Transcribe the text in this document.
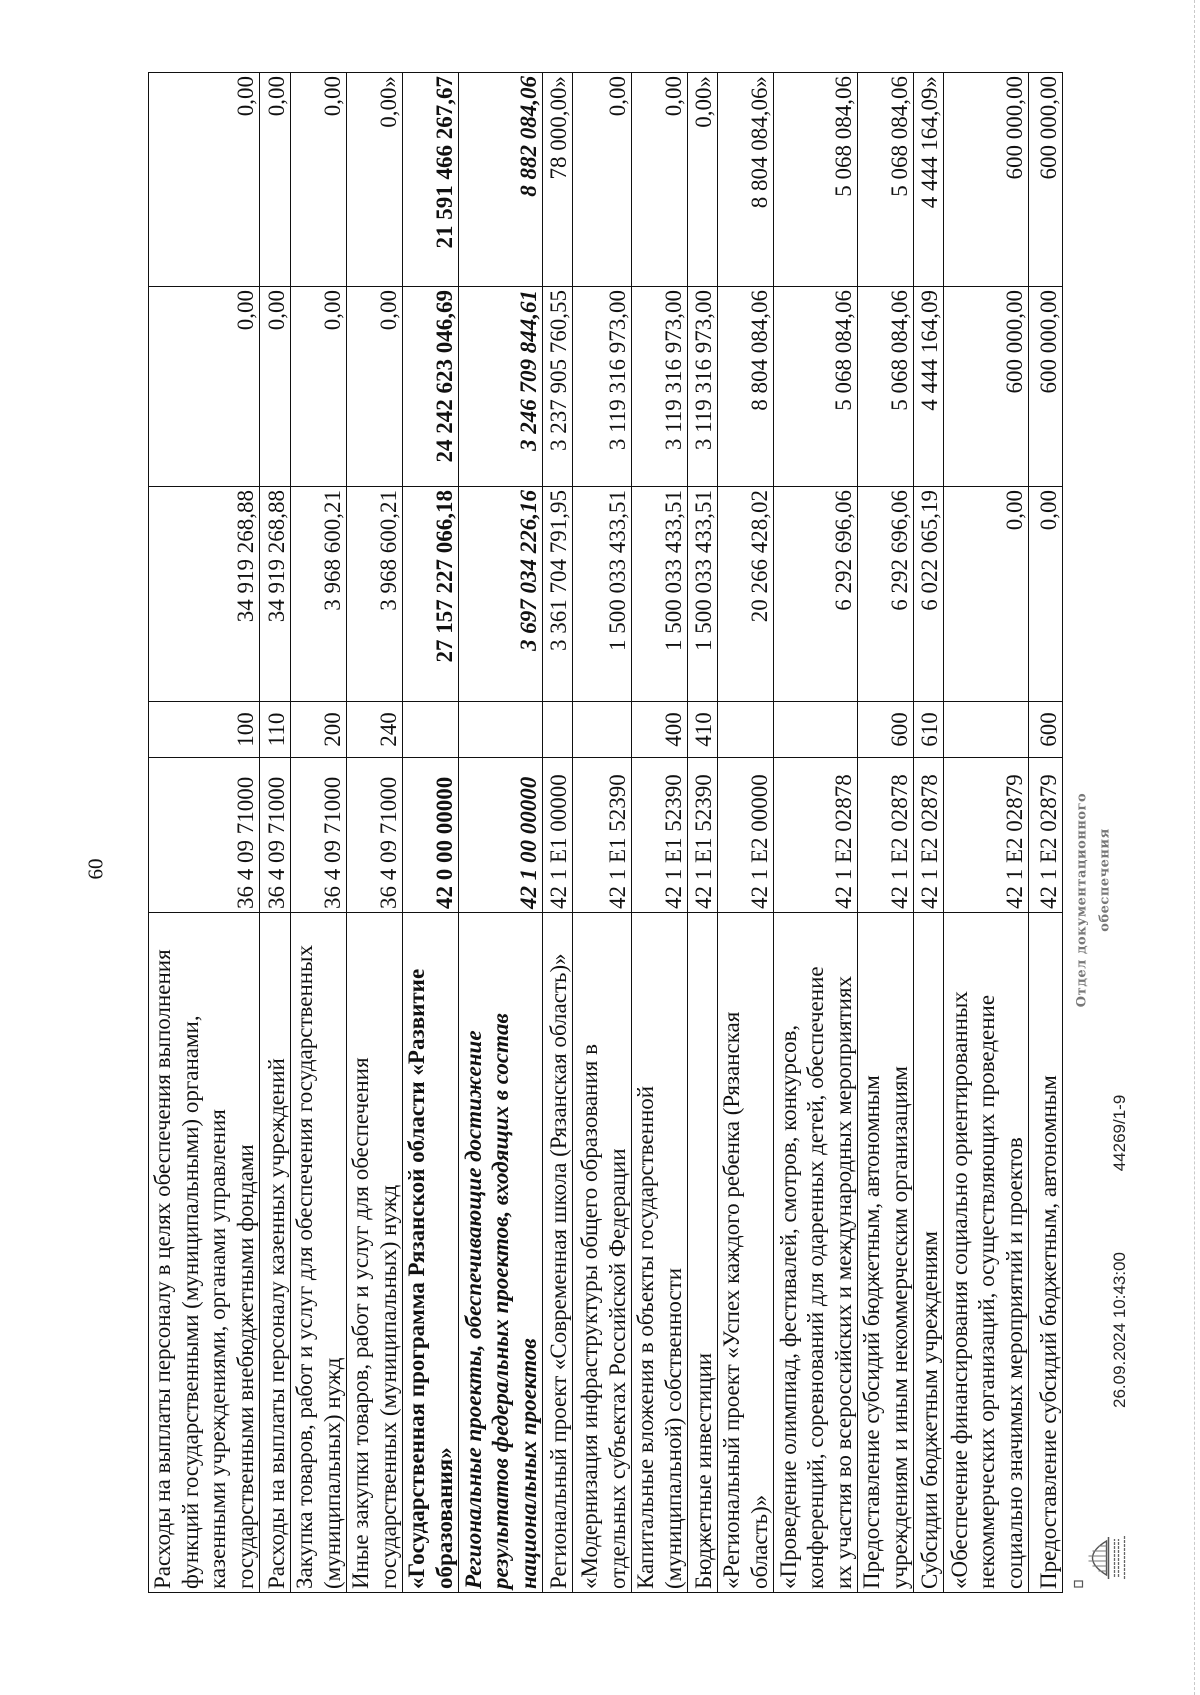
60
Расходы на выплаты персоналу в целях обеспечения выполнения
функций государственными (муниципальными) органами,
казенными учреждениями, органами управления
государственными внебюджетными фондами	36 4 09 71000	100	34 919 268,88	0,00	0,00
Расходы на выплаты персоналу казенных учреждений	36 4 09 71000	110	34 919 268,88	0,00	0,00
Закупка товаров, работ и услуг для обеспечения государственных
(муниципальных) нужд	36 4 09 71000	200	3 968 600,21	0,00	0,00
Иные закупки товаров, работ и услуг для обеспечения
государственных (муниципальных) нужд	36 4 09 71000	240	3 968 600,21	0,00	0,00»
«Государственная программа Рязанской области «Развитие
образования»	42 0 00 00000		27 157 227 066,18	24 242 623 046,69	21 591 466 267,67
Региональные проекты, обеспечивающие достижение
результатов федеральных проектов, входящих в состав
национальных проектов	42 1 00 00000		3 697 034 226,16	3 246 709 844,61	8 882 084,06
Региональный проект «Современная школа (Рязанская область)»	42 1 E1 00000		3 361 704 791,95	3 237 905 760,55	78 000,00»
«Модернизация инфраструктуры общего образования в
отдельных субъектах Российской Федерации	42 1 E1 52390		1 500 033 433,51	3 119 316 973,00	0,00
Капитальные вложения в объекты государственной
(муниципальной) собственности	42 1 E1 52390	400	1 500 033 433,51	3 119 316 973,00	0,00
Бюджетные инвестиции	42 1 E1 52390	410	1 500 033 433,51	3 119 316 973,00	0,00»
«Региональный проект «Успех каждого ребенка (Рязанская
область)»	42 1 E2 00000		20 266 428,02	8 804 084,06	8 804 084,06»
«Проведение олимпиад, фестивалей, смотров, конкурсов,
конференций, соревнований для одаренных детей, обеспечение
их участия во всероссийских и международных мероприятиях	42 1 E2 02878		6 292 696,06	5 068 084,06	5 068 084,06
Предоставление субсидий бюджетным, автономным
учреждениям и иным некоммерческим организациям	42 1 E2 02878	600	6 292 696,06	5 068 084,06	5 068 084,06
Субсидии бюджетным учреждениям	42 1 E2 02878	610	6 022 065,19	4 444 164,09	4 444 164,09»
«Обеспечение финансирования социально ориентированных
некоммерческих организаций, осуществляющих проведение
социально значимых мероприятий и проектов	42 1 E2 02879		0,00	600 000,00	600 000,00
Предоставление субсидий бюджетным, автономным	42 1 E2 02879	600	0,00	600 000,00	600 000,00
Отдел документационного обеспечения
44269/1-9
26.09.2024 10:43:00
